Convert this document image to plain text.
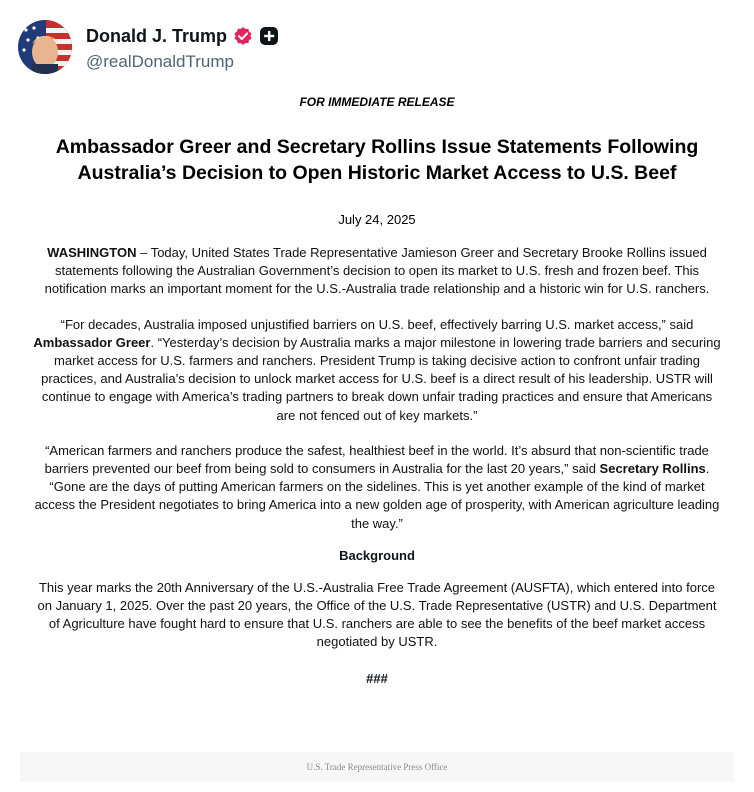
Donald J. Trump
@realDonaldTrump

FOR IMMEDIATE RELEASE

Ambassador Greer and Secretary Rollins Issue Statements Following Australia’s Decision to Open Historic Market Access to U.S. Beef

July 24, 2025

WASHINGTON – Today, United States Trade Representative Jamieson Greer and Secretary Brooke Rollins issued statements following the Australian Government’s decision to open its market to U.S. fresh and frozen beef. This notification marks an important moment for the U.S.-Australia trade relationship and a historic win for U.S. ranchers.

“For decades, Australia imposed unjustified barriers on U.S. beef, effectively barring U.S. market access,” said Ambassador Greer. “Yesterday’s decision by Australia marks a major milestone in lowering trade barriers and securing market access for U.S. farmers and ranchers. President Trump is taking decisive action to confront unfair trading practices, and Australia’s decision to unlock market access for U.S. beef is a direct result of his leadership. USTR will continue to engage with America’s trading partners to break down unfair trading practices and ensure that Americans are not fenced out of key markets.”

“American farmers and ranchers produce the safest, healthiest beef in the world. It’s absurd that non-scientific trade barriers prevented our beef from being sold to consumers in Australia for the last 20 years,” said Secretary Rollins. “Gone are the days of putting American farmers on the sidelines. This is yet another example of the kind of market access the President negotiates to bring America into a new golden age of prosperity, with American agriculture leading the way.”

Background

This year marks the 20th Anniversary of the U.S.-Australia Free Trade Agreement (AUSFTA), which entered into force on January 1, 2025. Over the past 20 years, the Office of the U.S. Trade Representative (USTR) and U.S. Department of Agriculture have fought hard to ensure that U.S. ranchers are able to see the benefits of the beef market access negotiated by USTR.

###

U.S. Trade Representative Press Office
